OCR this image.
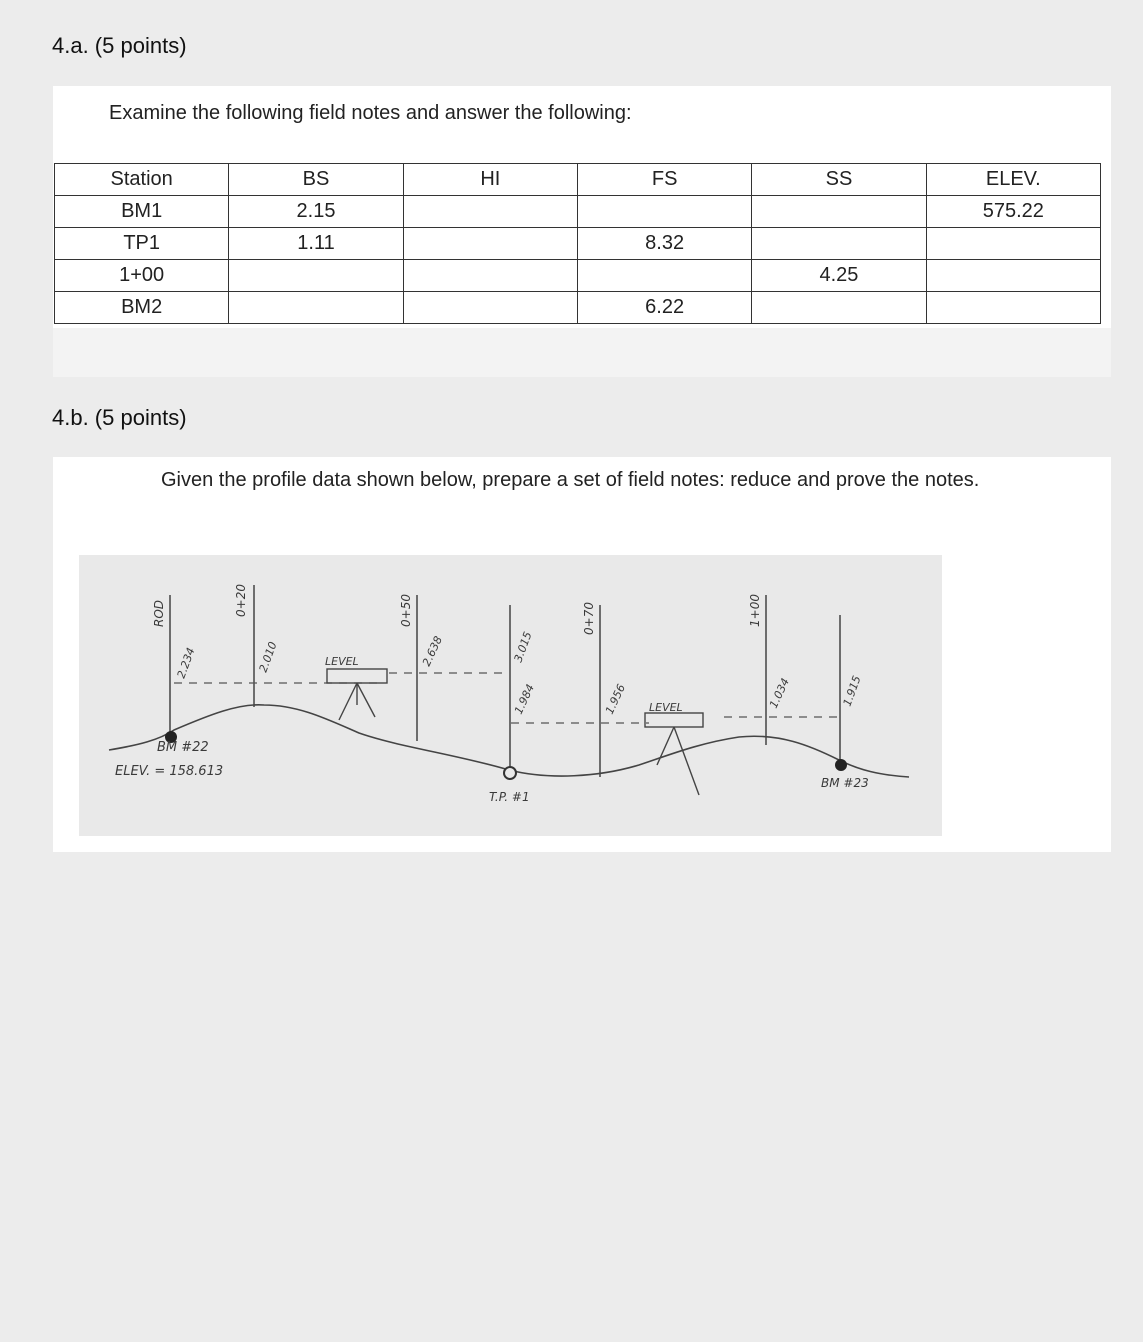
4.a. (5 points)
Examine the following field notes and answer the following:
Station	BS	HI	FS	SS	ELEV.
BM1	2.15				575.22
TP1	1.11		8.32		
1+00				4.25	
BM2			6.22		
4.b. (5 points)
Given the profile data shown below, prepare a set of field notes: reduce and prove the notes.
LEVEL
LEVEL
ROD	0+20	0+50	0+70	1+00
2.234	2.010	2.638	3.015
1.984	1.956	1.034	1.915
BM #22
ELEV. = 158.613
T.P. #1
BM #23
